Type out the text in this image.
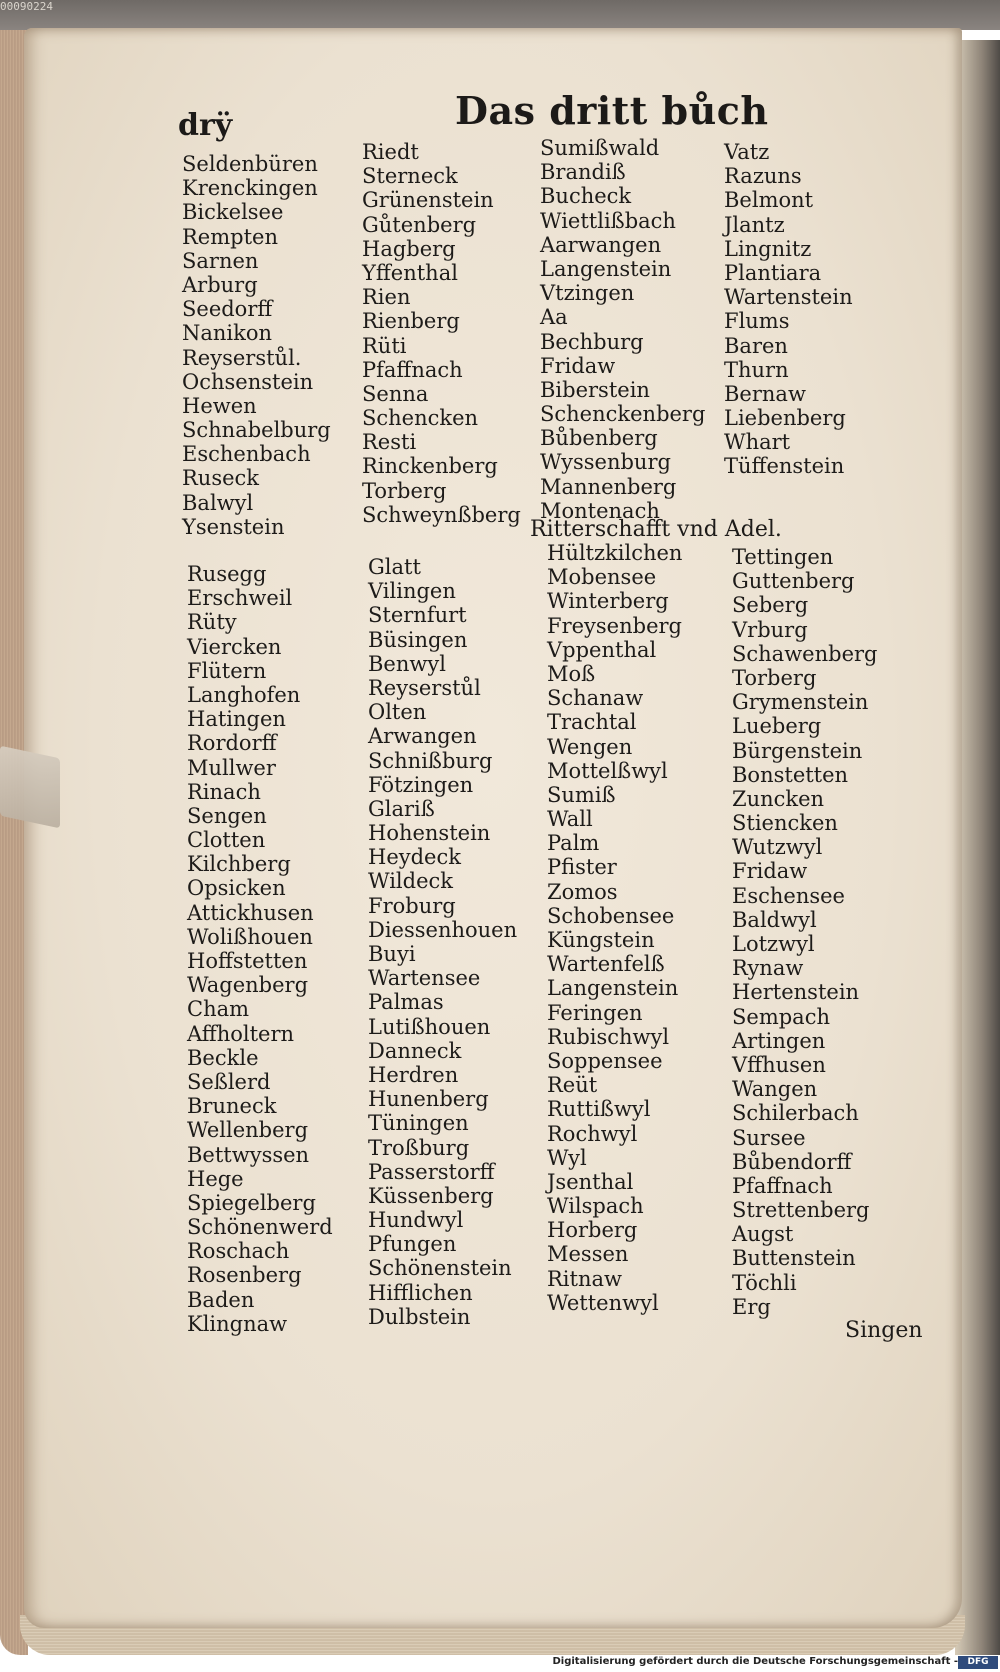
00090224
drÿ	Das dritt bůch
Seldenbüren
Krenckingen
Bickelsee
Rempten
Sarnen
Arburg
Seedorff
Nanikon
Reyserstůl.
Ochsenstein
Hewen
Schnabelburg
Eschenbach
Ruseck
Balwyl
Ysenstein
Riedt
Sterneck
Grünenstein
Gůtenberg
Hagberg
Yffenthal
Rien
Rienberg
Rüti
Pfaffnach
Senna
Schencken
Resti
Rinckenberg
Torberg
Schweynßberg
Sumißwald
Brandiß
Bucheck
Wiettlißbach
Aarwangen
Langenstein
Vtzingen
Aa
Bechburg
Fridaw
Biberstein
Schenckenberg
Bůbenberg
Wyssenburg
Mannenberg
Montenach
Vatz
Razuns
Belmont
Jlantz
Lingnitz
Plantiara
Wartenstein
Flums
Baren
Thurn
Bernaw
Liebenberg
Whart
Tüffenstein
Ritterschafft vnd Adel.
Rusegg
Erschweil
Rüty
Viercken
Flütern
Langhofen
Hatingen
Rordorff
Mullwer
Rinach
Sengen
Clotten
Kilchberg
Opsicken
Attickhusen
Wolißhouen
Hoffstetten
Wagenberg
Cham
Affholtern
Beckle
Seßlerd
Bruneck
Wellenberg
Bettwyssen
Hege
Spiegelberg
Schönenwerd
Roschach
Rosenberg
Baden
Klingnaw
Glatt
Vilingen
Sternfurt
Büsingen
Benwyl
Reyserstůl
Olten
Arwangen
Schnißburg
Fötzingen
Glariß
Hohenstein
Heydeck
Wildeck
Froburg
Diessenhouen
Buyi
Wartensee
Palmas
Lutißhouen
Danneck
Herdren
Hunenberg
Tüningen
Troßburg
Passerstorff
Küssenberg
Hundwyl
Pfungen
Schönenstein
Hifflichen
Dulbstein
Hültzkilchen
Mobensee
Winterberg
Freysenberg
Vppenthal
Moß
Schanaw
Trachtal
Wengen
Mottelßwyl
Sumiß
Wall
Palm
Pfister
Zomos
Schobensee
Küngstein
Wartenfelß
Langenstein
Feringen
Rubischwyl
Soppensee
Reüt
Ruttißwyl
Rochwyl
Wyl
Jsenthal
Wilspach
Horberg
Messen
Ritnaw
Wettenwyl
Tettingen
Guttenberg
Seberg
Vrburg
Schawenberg
Torberg
Grymenstein
Lueberg
Bürgenstein
Bonstetten
Zuncken
Stiencken
Wutzwyl
Fridaw
Eschensee
Baldwyl
Lotzwyl
Rynaw
Hertenstein
Sempach
Artingen
Vffhusen
Wangen
Schilerbach
Sursee
Bůbendorff
Pfaffnach
Strettenberg
Augst
Buttenstein
Töchli
Erg
Singen
Digitalisierung gefördert durch die Deutsche Forschungsgemeinschaft -	DFG
